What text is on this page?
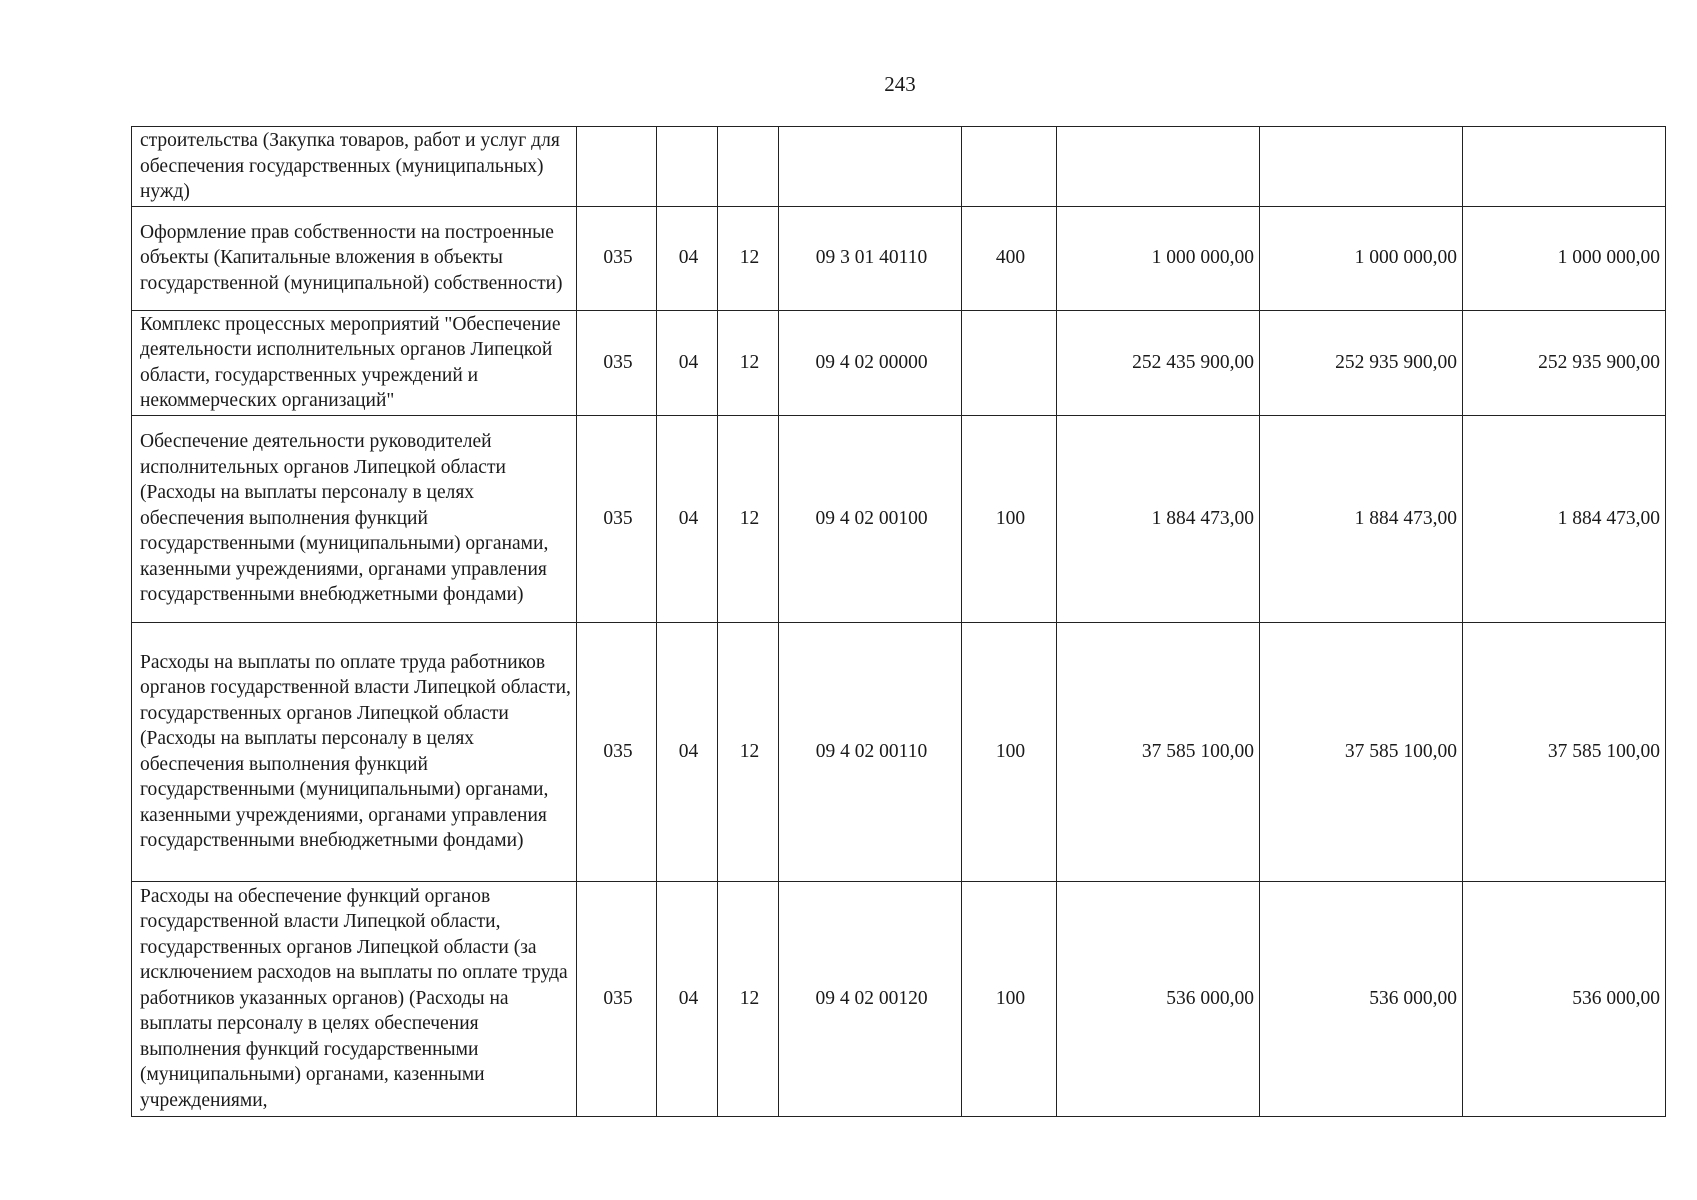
243
строительства (Закупка товаров, работ и услуг для обеспечения государственных (муниципальных) нужд)								
Оформление прав собственности на построенные объекты (Капитальные вложения в объекты государственной (муниципальной) собственности)	035	04	12	09 3 01 40110	400	1 000 000,00	1 000 000,00	1 000 000,00
Комплекс процессных мероприятий "Обеспечение деятельности исполнительных органов Липецкой области, государственных учреждений и некоммерческих организаций"	035	04	12	09 4 02 00000		252 435 900,00	252 935 900,00	252 935 900,00
Обеспечение деятельности руководителей исполнительных органов Липецкой области (Расходы на выплаты персоналу в целях обеспечения выполнения функций государственными (муниципальными) органами, казенными учреждениями, органами управления государственными внебюджетными фондами)	035	04	12	09 4 02 00100	100	1 884 473,00	1 884 473,00	1 884 473,00
Расходы на выплаты по оплате труда работников органов государственной власти Липецкой области, государственных органов Липецкой области (Расходы на выплаты персоналу в целях обеспечения выполнения функций государственными (муниципальными) органами, казенными учреждениями, органами управления государственными внебюджетными фондами)	035	04	12	09 4 02 00110	100	37 585 100,00	37 585 100,00	37 585 100,00
Расходы на обеспечение функций органов государственной власти Липецкой области, государственных органов Липецкой области (за исключением расходов на выплаты по оплате труда работников указанных органов) (Расходы на выплаты персоналу в целях обеспечения выполнения функций государственными (муниципальными) органами, казенными учреждениями,	035	04	12	09 4 02 00120	100	536 000,00	536 000,00	536 000,00
